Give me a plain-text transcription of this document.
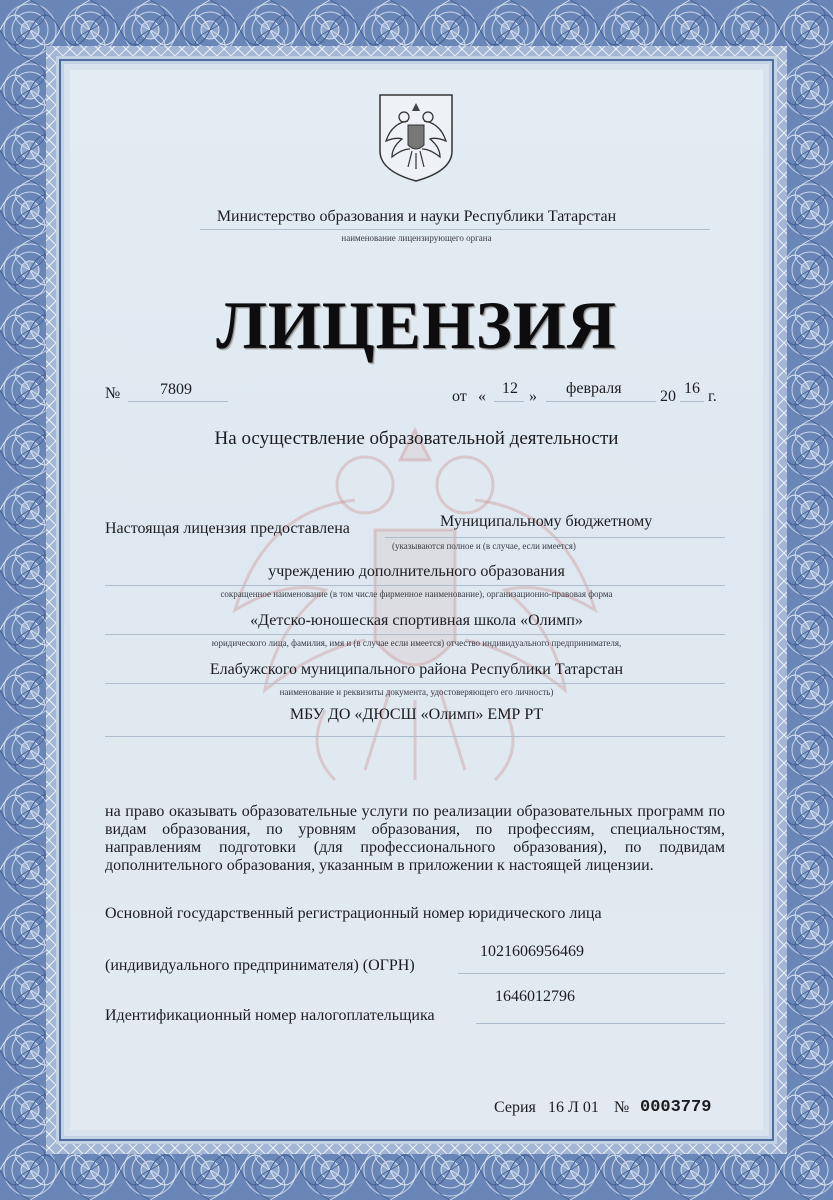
Министерство образования и науки Республики Татарстан
наименование лицензирующего органа
ЛИЦЕНЗИЯ
№ 7809	от « 12 » февраля 20 16 г.
На осуществление образовательной деятельности
Настоящая лицензия предоставлена	Муниципальному бюджетному
(указываются полное и (в случае, если имеется)
учреждению дополнительного образования
сокращенное наименование (в том числе фирменное наименование), организационно-правовая форма
«Детско-юношеская спортивная школа «Олимп»
юридического лица, фамилия, имя и (в случае если имеется) отчество индивидуального предпринимателя,
Елабужского муниципального района Республики Татарстан
наименование и реквизиты документа, удостоверяющего его личность)
МБУ ДО «ДЮСШ «Олимп» ЕМР РТ
на право оказывать образовательные услуги по реализации образовательных программ по видам образования, по уровням образования, по профессиям, специальностям, направлениям подготовки (для профессионального образования), по подвидам дополнительного образования, указанным в приложении к настоящей лицензии.
Основной государственный регистрационный номер юридического лица
1021606956469
(индивидуального предпринимателя) (ОГРН)
1646012796
Идентификационный номер налогоплательщика
Серия 16 Л 01 № 0003779
